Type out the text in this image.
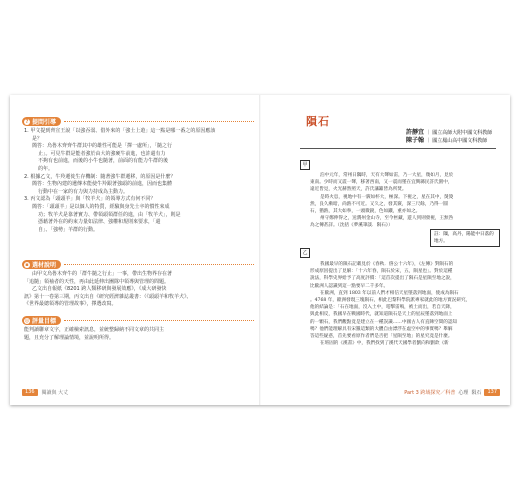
? 提問引導

1. 甲文提到齊宣王說「以強吞弱、借外來的「強士上遊」這一點是哪一番之的原因應該

是？

簡答：烏魯木齊齊牛群其中的雄性可能是「擇一處所」，「隨之行

止」。可見牛群是能者強於由大的強硬牛前進，也許還有力

不夠有也前進，而後的小牛也隨著，前面的有能力牛群的後

的年。

2. 根據乙文，牛羚遷徙生存機制：隨著強牛群遷移，的原因是什麼？

簡答：生物內建的遺傳本能使牛羚跟著強頭的前進，因而也集體

行動中在一家的有力與力持成為主動力。

3. 丙文認為「頭頭羊」與「牧羊犬」的領導方式有何不同？

簡答：「頭頭羊」是以個人的特質，經驗與身先士卒的慣性來成

功；牧羊犬是靠著實力、帶領頭領群任的進，由「牧羊犬」，則是

憑藉著外在的約束力量如法律、強權和規則來要求，「還

自」、「強勢」羊群的行動。

▪ 選材說明

由甲文烏魯木齊牛的「群牛隨之行止」一事，帶出生物界存在著

「追隨」領袖者的天性，再由此延伸出團隊中領導與管理的問題。

乙文出自報紙《8201 跨人類移研與發展效應》，《成大研發快

訊》第十一卷第三期，丙文出自《研究經濟雜誌叢書：（《頭頭羊和牧羊犬》、

《世界最總領導的管理故事》，擇選改寫。

◎ 評量目標

能判讀聯章文字，正確檢索訊息，並統整歸納不同文章的共同主

題，且充分了解理論情境，並說明所得。

136	閱讀與 大丈
隕石
許靜宜 ｜ 國立高師大附中國文科教師
陳子翰 ｜ 國立鳳山高中國文科教師
甲

泊中元年，常州日隅時，天有大聲如雷，乃一大星，幾如月，見於

東南。少時而又震一聲，移著西南，又一震而墜在宜興縣民許氏園中，

遠近皆見，火光赫然照天，許氏藩籬皆為所焚。

是時火息，視地中有一竅如杯大，極深。下視之，星在其中，熒熒

然，良久漸暗，尚熱不可近。又久之，發其竅，深三尺餘，乃得一圓

石，猶熱，其大如拳，一頭微銳，色如鐵，重亦如之。

州守鄭伸得之，送潤州金山寺，至今匣藏，遊人到則發視，王無咎

為之傳甚詳。（沈括《夢溪筆談．隕石》）

註：隅，高丹，陽能中日落的地方。
乙

我國最早的隕石記載見於《春秋．僖公十六年》，《左傳》對隕石的

形成原因提出了見解：「十六年春，隕石於宋，五，隕星也」。對於這種

說法，科學史界給予了高度評價：「這首次提出了隕石是星隕至地之說，

比歐洲人認識到這一點要早二千多年。

在歐洲，直到 1803 年以前人們才相信天星墜落到地面，使成為隕石

。4768 年，歐洲發現三塊隕石，相此巴黎科學院派專家就此的地方實況研究，

他的結論是：「石在地面，沒入土中，電擊雷鳴，被土而出，若自天降，

與此相反，我國早在戰國時代，就知道隕石是天上的星辰墜落到地面上

的一顆石，我們觀點竟是建立在一種誤識……中國古人有直陳空間的認知

嗎？他們能理解具有宋羅這類的大體自由漂浮在虛空中的事實嗎？舉解

答這些疑惑，首先要看原作者們是否把「星隕至地」的星究竟是什麼。

在班固的《漢書》中，我們找到了漢代天國學者劉向和劉歆《新

Part 3 跨域探究／科普 心理 隕石	137
